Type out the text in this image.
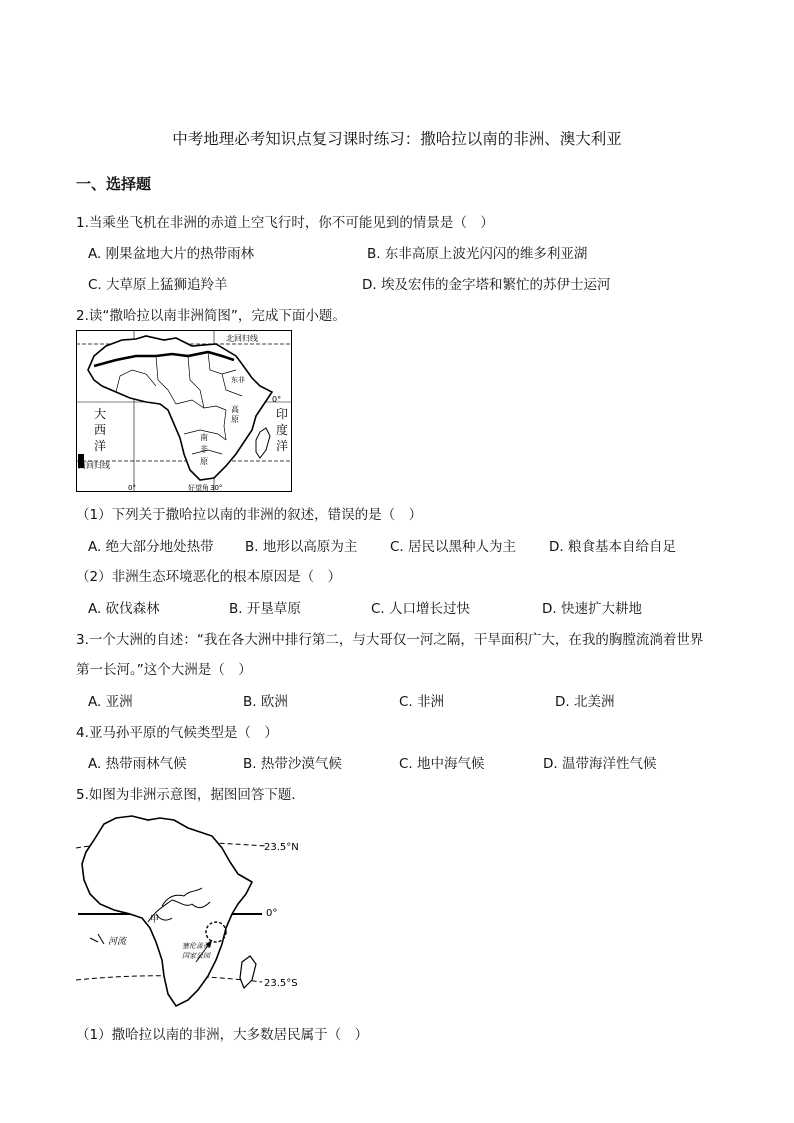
中考地理必考知识点复习课时练习：撒哈拉以南的非洲、澳大利亚
一、选择题
1.当乘坐飞机在非洲的赤道上空飞行时，你不可能见到的情景是（　）
A. 刚果盆地大片的热带雨林	B. 东非高原上波光闪闪的维多利亚湖
C. 大草原上猛狮追羚羊	D. 埃及宏伟的金字塔和繁忙的苏伊士运河
2.读“撒哈拉以南非洲简图”，完成下面小题。
北回归线
南回归线
0°
大
西
洋
印
度
洋
东 非
高
原
南
非
原
好望角
0°	30°
（1）下列关于撒哈拉以南的非洲的叙述，错误的是（　）
A. 绝大部分地处热带 B. 地形以高原为主 C. 居民以黑种人为主 D. 粮食基本自给自足
（2）非洲生态环境恶化的根本原因是（　）
A. 砍伐森林	B. 开垦草原	C. 人口增长过快	D. 快速扩大耕地
3.一个大洲的自述：“我在各大洲中排行第二，与大哥仅一河之隔，干旱面积广大，在我的胸膛流淌着世界
第一长河。”这个大洲是（　）
A. 亚洲	B. 欧洲	C. 非洲	D. 北美洲
4.亚马孙平原的气候类型是（　）
A. 热带雨林气候	B. 热带沙漠气候	C. 地中海气候	D. 温带海洋性气候
5.如图为非洲示意图，据图回答下题．
23.5°N
0°
23.5°S
甲
河流	塞伦盖蒂
国家公园
（1）撒哈拉以南的非洲，大多数居民属于（　）
